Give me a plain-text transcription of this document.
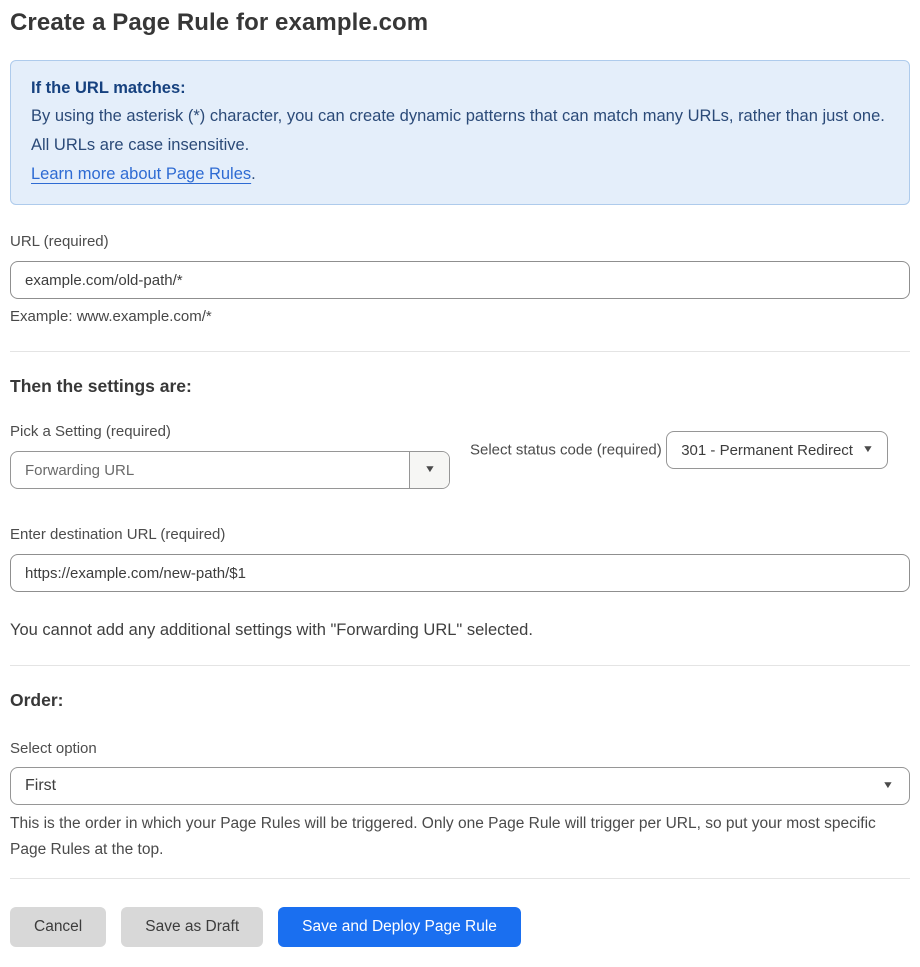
Create a Page Rule for example.com
If the URL matches:
By using the asterisk (*) character, you can create dynamic patterns that can match many URLs, rather than just one. All URLs are case insensitive.
Learn more about Page Rules.
URL (required)
example.com/old-path/*
Example: www.example.com/*
Then the settings are:
Pick a Setting (required)
Forwarding URL	▼
Select status code (required) 301 - Permanent Redirect ▼
Enter destination URL (required)
https://example.com/new-path/$1
You cannot add any additional settings with "Forwarding URL" selected.
Order:
Select option
First	▼
This is the order in which your Page Rules will be triggered. Only one Page Rule will trigger per URL, so put your most specific Page Rules at the top.
Cancel	Save as Draft	Save and Deploy Page Rule
